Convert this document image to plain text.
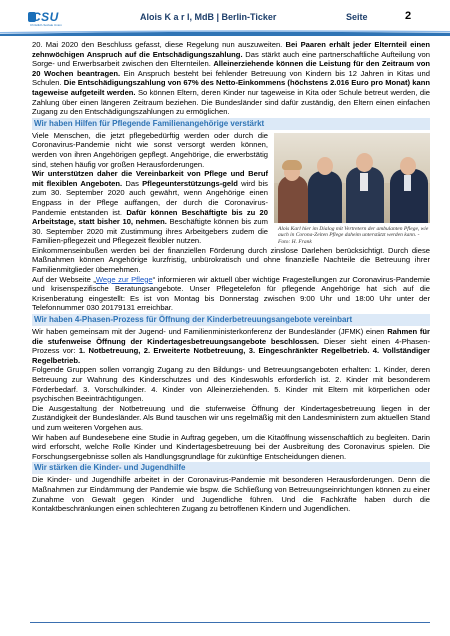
CSU
Christlich-Soziale Union
Alois K a r l, MdB | Berlin-Ticker	Seite	2

20. Mai 2020 den Beschluss gefasst, diese Regelung nun auszuweiten. Bei Paaren erhält jeder Elternteil einen zehnwöchigen Anspruch auf die Entschädigungszahlung. Das stärkt auch eine partnerschaftliche Aufteilung von Sorge- und Erwerbsarbeit zwischen den Elternteilen. Alleinerziehende können die Leistung für den Zeitraum von 20 Wochen beantragen. Ein Anspruch besteht bei fehlender Betreuung von Kindern bis 12 Jahren in Kitas und Schulen. Die Entschädigungszahlung von 67% des Netto-Einkommens (höchstens 2.016 Euro pro Monat) kann tageweise aufgeteilt werden. So können Eltern, deren Kinder nur tageweise in Kita oder Schule betreut werden, die Zahlung über einen längeren Zeitraum beziehen. Die Bundesländer sind dafür zuständig, den Eltern einen einfachen Zugang zu den Entschädigungszahlungen zu ermöglichen.

Wir haben Hilfen für Pflegende Familienangehörige verstärkt

Viele Menschen, die jetzt pflegebedürftig werden oder durch die Coronavirus-Pandemie nicht wie sonst versorgt werden können, werden von ihren Angehörigen gepflegt. Angehörige, die erwerbstätig sind, stehen häufig vor großen Herausforderungen.

Wir unterstützen daher die Vereinbarkeit von Pflege und Beruf mit flexiblen Angeboten. Das Pflegeunterstützungs-geld wird bis zum 30. September 2020 auch gewährt, wenn Angehörige einen Engpass in der Pflege auffangen, der durch die Coronavirus-Pandemie entstanden ist. Dafür können Beschäftigte bis zu 20 Arbeitstage, statt bisher 10, nehmen. Beschäftigte können bis zum 30. September 2020 mit Zustimmung ihres Arbeitgebers zudem die Familien-pflegezeit und Pflegezeit flexibler nutzen.

Alois Karl hier im Dialog mit Vertretern der ambulanten Pflege, wie auch in Corona-Zeiten Pflege daheim unterstützt werden kann. - Foto: H. Frank

Einkommenseinbußen werden bei der finanziellen Förderung durch zinslose Darlehen berücksichtigt. Durch diese Maßnahmen können Angehörige kurzfristig, unbürokratisch und ohne finanzielle Nachteile die Betreuung ihrer Familienmitglieder übernehmen.

Auf der Webseite „Wege zur Pflege“ informieren wir aktuell über wichtige Fragestellungen zur Coronavirus-Pandemie und krisenspezifische Beratungsangebote. Unser Pflegetelefon für pflegende Angehörige hat sich auf die Krisenberatung eingestellt: Es ist von Montag bis Donnerstag zwischen 9:00 Uhr und 18:00 Uhr unter der Telefonnummer 030 20179131 erreichbar.

Wir haben 4-Phasen-Prozess für Öffnung der Kinderbetreuungsangebote vereinbart

Wir haben gemeinsam mit der Jugend- und Familienministerkonferenz der Bundesländer (JFMK) einen Rahmen für die stufenweise Öffnung der Kindertagesbetreuungsangebote beschlossen. Dieser sieht einen 4-Phasen-Prozess vor: 1. Notbetreuung, 2. Erweiterte Notbetreuung, 3. Eingeschränkter Regelbetrieb. 4. Vollständiger Regelbetrieb.

Folgende Gruppen sollen vorrangig Zugang zu den Bildungs- und Betreuungsangeboten erhalten: 1. Kinder, deren Betreuung zur Wahrung des Kinderschutzes und des Kindeswohls erforderlich ist. 2. Kinder mit besonderem Förderbedarf. 3. Vorschulkinder. 4. Kinder von Alleinerziehenden. 5. Kinder mit Eltern mit körperlichen oder psychischen Beeinträchtigungen.

Die Ausgestaltung der Notbetreuung und die stufenweise Öffnung der Kindertagesbetreuung liegen in der Zuständigkeit der Bundesländer. Als Bund tauschen wir uns regelmäßig mit den Landesministern zum aktuellen Stand und zum weiteren Vorgehen aus.

Wir haben auf Bundesebene eine Studie in Auftrag gegeben, um die Kitaöffnung wissenschaftlich zu begleiten. Darin wird erforscht, welche Rolle Kinder und Kindertagesbetreuung bei der Ausbreitung des Coronavirus spielen. Die Forschungsergebnisse sollen als Handlungsgrundlage für zukünftige Entscheidungen dienen.

Wir stärken die Kinder- und Jugendhilfe

Die Kinder- und Jugendhilfe arbeitet in der Coronavirus-Pandemie mit besonderen Herausforderungen. Denn die Maßnahmen zur Eindämmung der Pandemie wie bspw. die Schließung von Betreuungseinrichtungen können zu einer Zunahme von Gewalt gegen Kinder und Jugendliche führen. Und die Fachkräfte haben durch die Kontaktbeschränkungen einen schlechteren Zugang zu betroffenen Kindern und Jugendlichen.
